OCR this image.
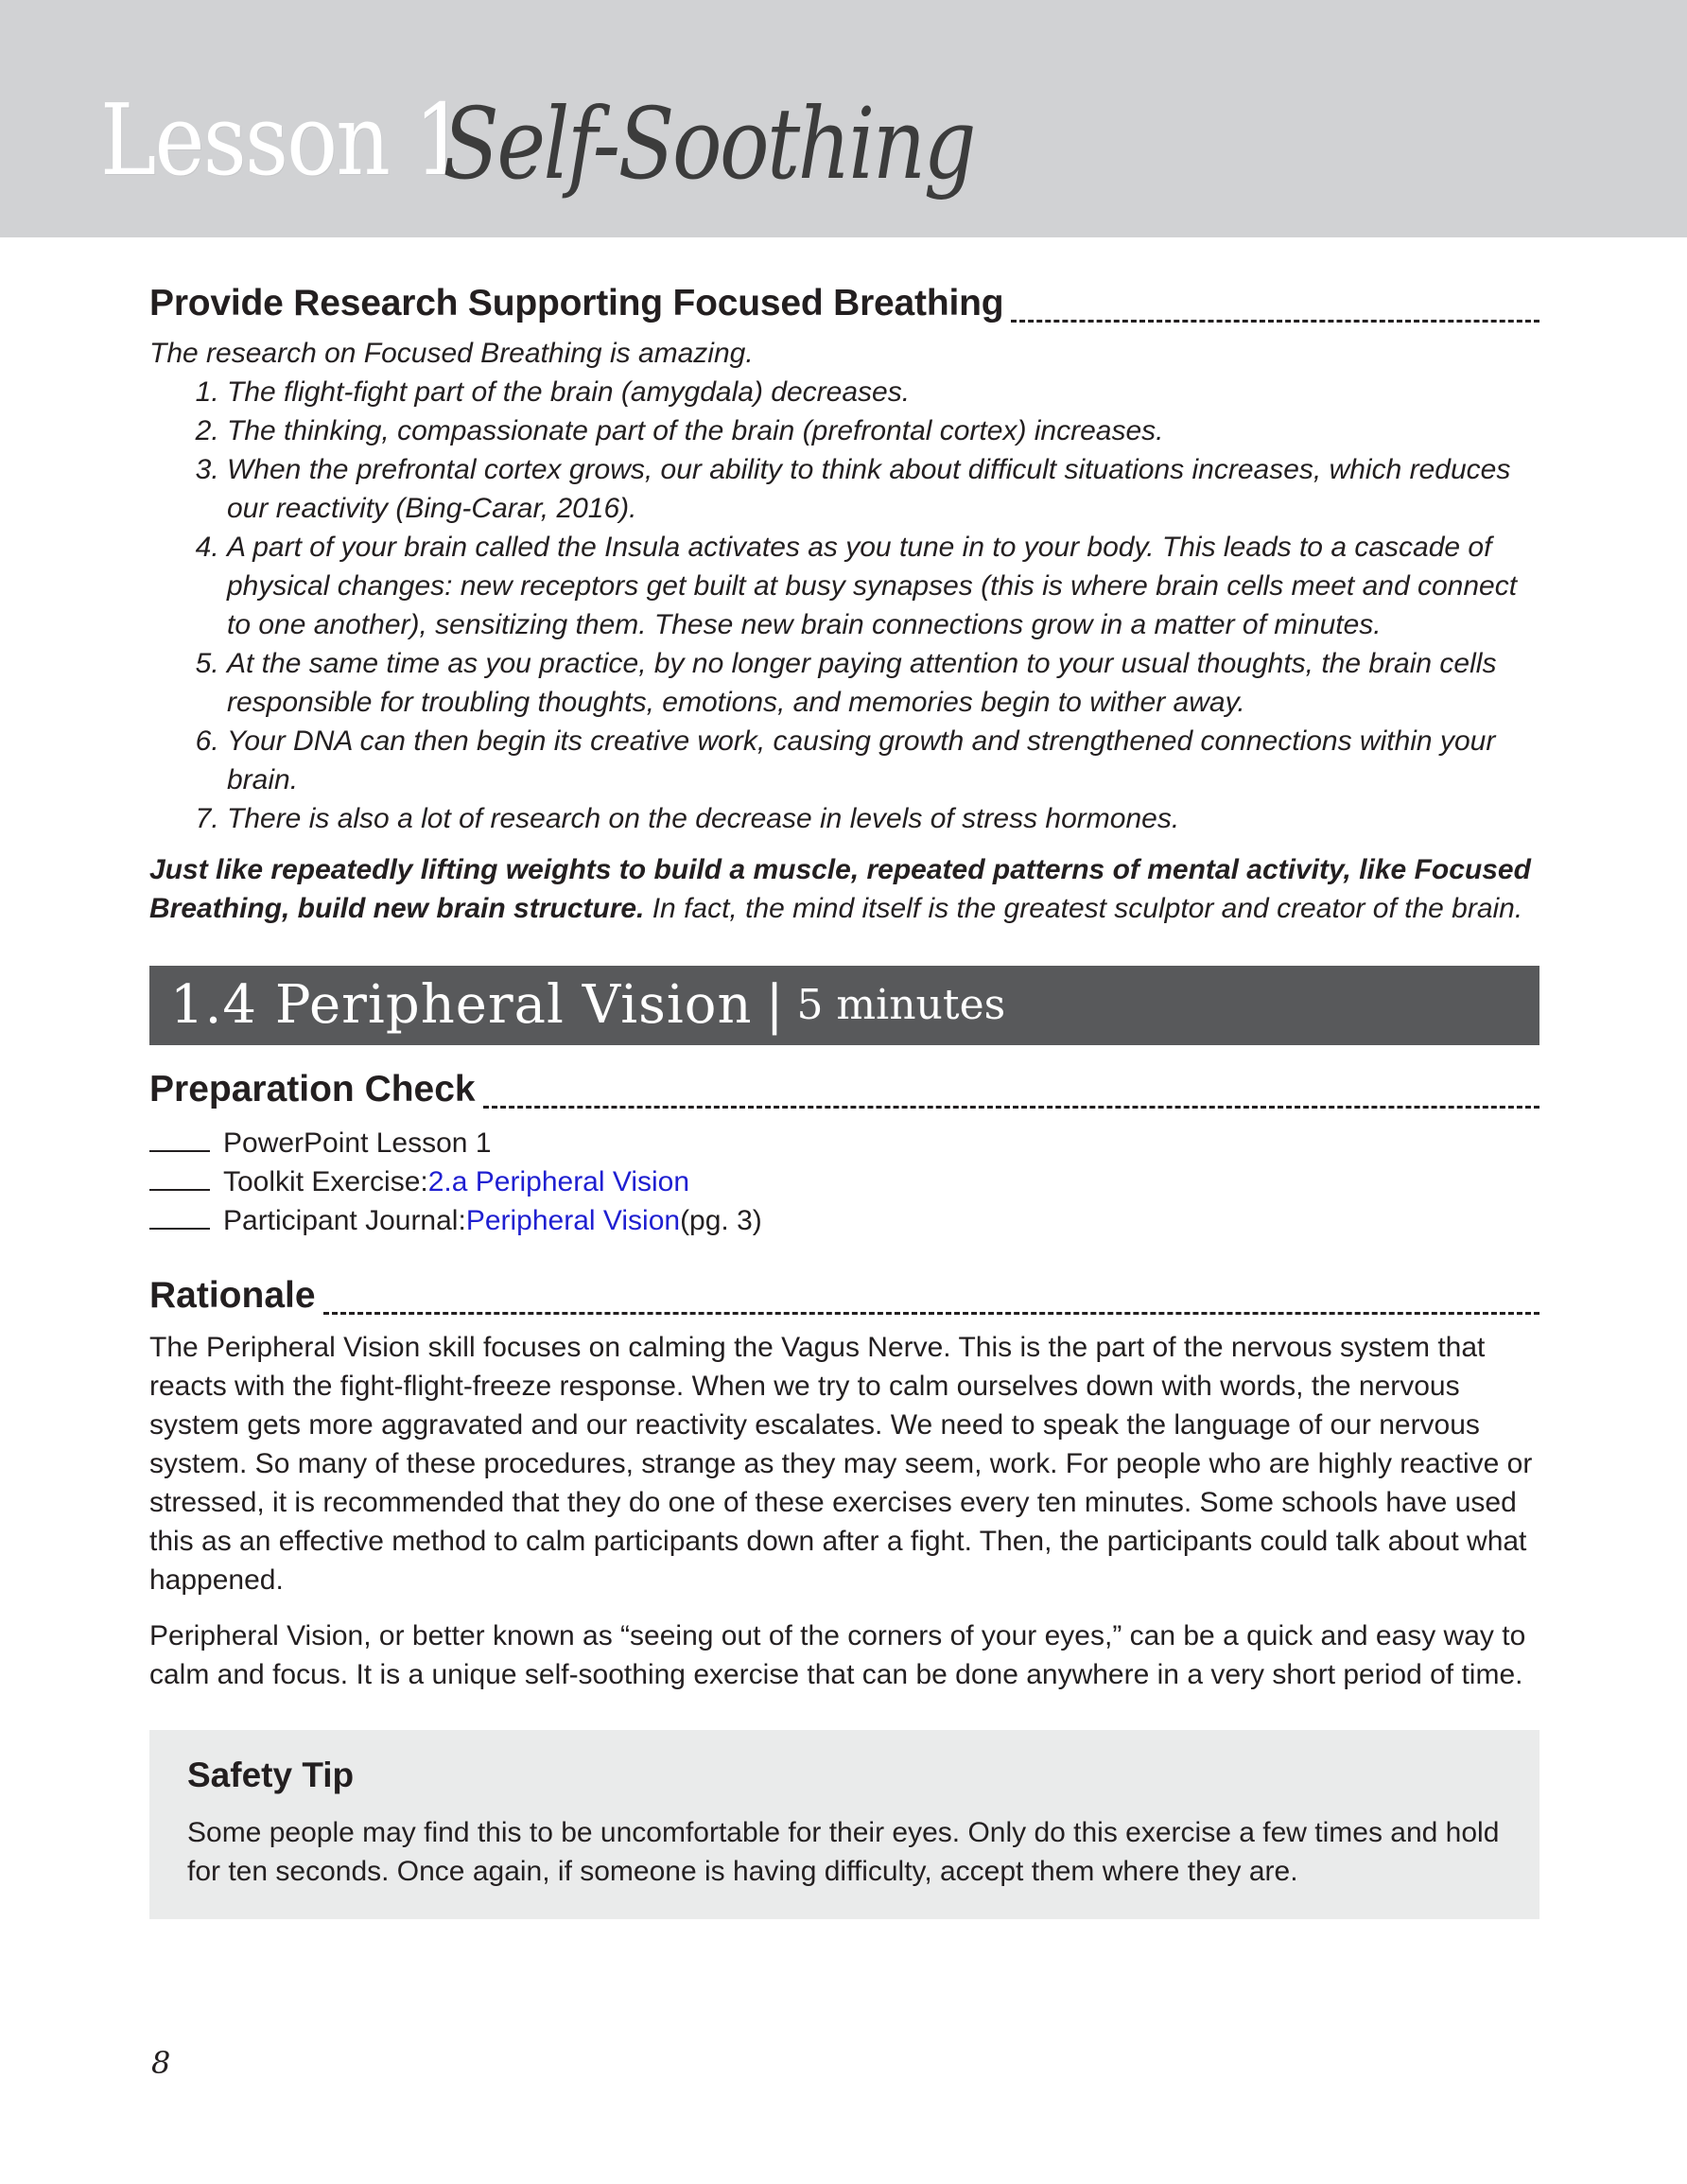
Lesson 1
Self-Soothing
Provide Research Supporting Focused Breathing
The research on Focused Breathing is amazing.
1. The flight-fight part of the brain (amygdala) decreases.
2. The thinking, compassionate part of the brain (prefrontal cortex) increases.
3. When the prefrontal cortex grows, our ability to think about difficult situations increases, which reduces our reactivity (Bing-Carar, 2016).
4. A part of your brain called the Insula activates as you tune in to your body. This leads to a cascade of physical changes: new receptors get built at busy synapses (this is where brain cells meet and connect to one another), sensitizing them. These new brain connections grow in a matter of minutes.
5. At the same time as you practice, by no longer paying attention to your usual thoughts, the brain cells responsible for troubling thoughts, emotions, and memories begin to wither away.
6. Your DNA can then begin its creative work, causing growth and strengthened connections within your brain.
7. There is also a lot of research on the decrease in levels of stress hormones.
Just like repeatedly lifting weights to build a muscle, repeated patterns of mental activity, like Focused Breathing, build new brain structure. In fact, the mind itself is the greatest sculptor and creator of the brain.
1.4 Peripheral Vision | 5 minutes
Preparation Check
PowerPoint Lesson 1
Toolkit Exercise: 2.a Peripheral Vision
Participant Journal: Peripheral Vision (pg. 3)
Rationale

The Peripheral Vision skill focuses on calming the Vagus Nerve. This is the part of the nervous system that reacts with the fight-flight-freeze response. When we try to calm ourselves down with words, the nervous system gets more aggravated and our reactivity escalates. We need to speak the language of our nervous system. So many of these procedures, strange as they may seem, work. For people who are highly reactive or stressed, it is recommended that they do one of these exercises every ten minutes. Some schools have used this as an effective method to calm participants down after a fight. Then, the participants could talk about what happened.

Peripheral Vision, or better known as “seeing out of the corners of your eyes,” can be a quick and easy way to calm and focus. It is a unique self-soothing exercise that can be done anywhere in a very short period of time.

Safety Tip
Some people may find this to be uncomfortable for their eyes. Only do this exercise a few times and hold for ten seconds. Once again, if someone is having difficulty, accept them where they are.
8
